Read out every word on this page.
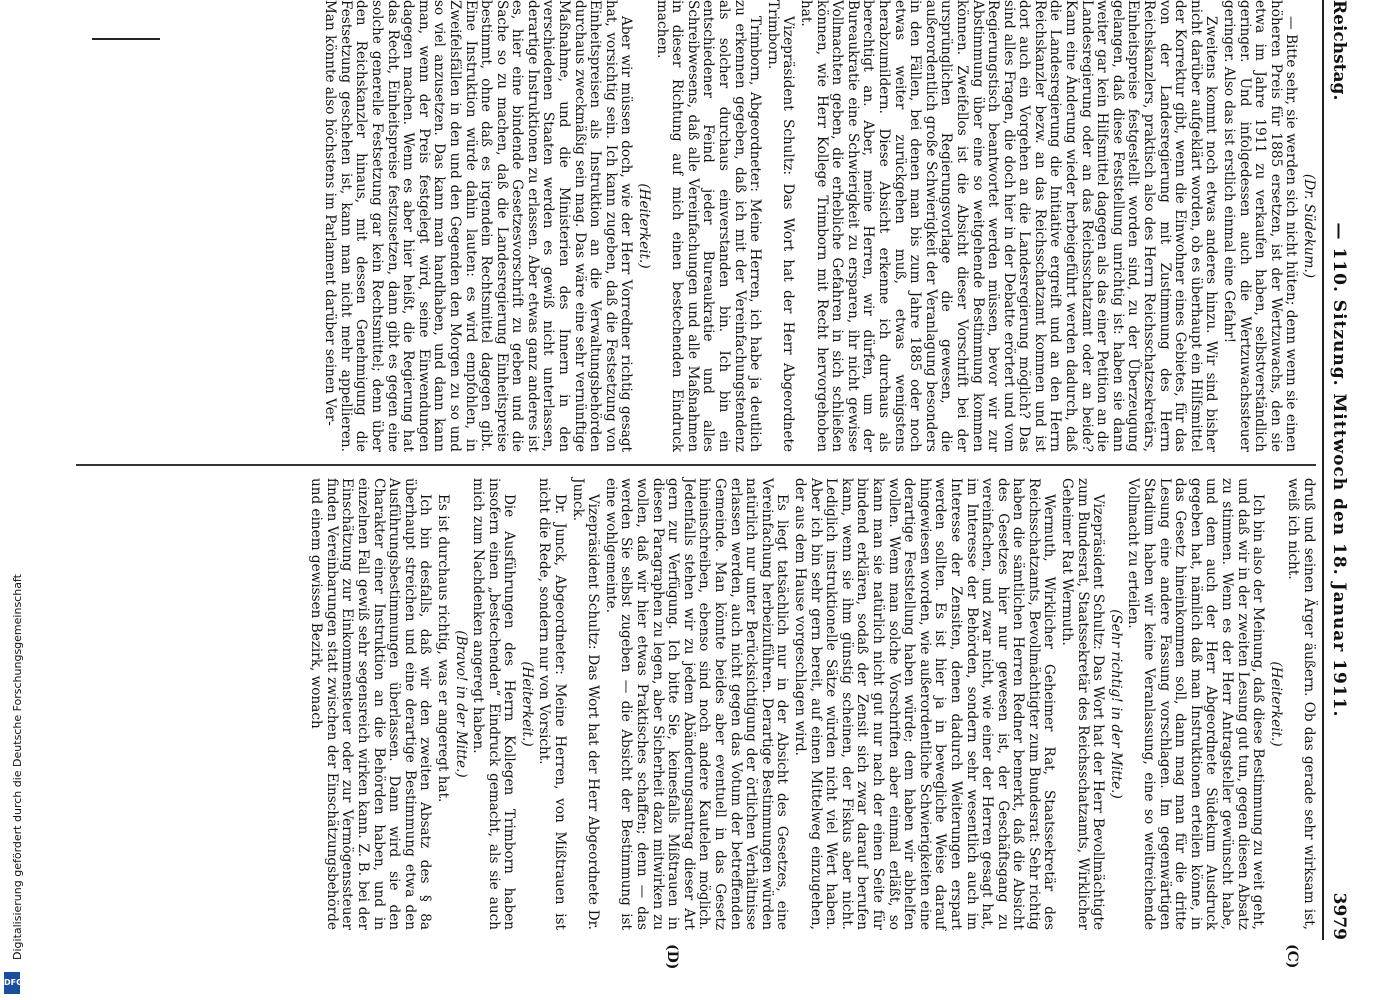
Digitalisierung gefördert durch die Deutsche Forschungsgemeinschaft
DFG
Reichstag.
— 110. Sitzung. Mittwoch den 18. Januar 1911.
3979
(C)
(D)

(Dr. Südekum.)

— Bitte sehr, sie werden sich nicht hüten; denn wenn sie einen höheren Preis für 1885 ersetzen, ist der Wertzuwachs, den sie etwa im Jahre 1911 zu verkaufen haben, selbstverständlich geringer. Und infolgedessen auch die Wertzuwachssteuer geringer. Also das ist erstlich einmal eine Gefahr!

Zweitens kommt noch etwas anderes hinzu. Wir sind bisher nicht darüber aufgeklärt worden, ob es überhaupt ein Hilfsmittel der Korrektur gibt, wenn die Einwohner eines Gebietes, für das von der Landesregierung mit Zustimmung des Herrn Reichskanzlers, praktisch also des Herrn Reichsschatzsekretärs, Einheitspreise festgestellt worden sind, zu der Überzeugung gelangen, daß diese Feststellung unrichtig ist: haben sie dann weiter gar kein Hilfsmittel dagegen als das einer Petition an die Landesregierung oder an das Reichsschatzamt oder an beide? Kann eine Änderung wieder herbeigeführt werden dadurch, daß die Landesregierung die Initiative ergreift und an den Herrn Reichskanzler bezw. an das Reichsschatzamt kommen und ist dort auch ein Vorgehen an die Landesregierung möglich? Das sind alles Fragen, die doch hier in der Debatte erörtert und vom Regierungstisch beantwortet werden müssen, bevor wir zur Abstimmung über eine so weitgehende Bestimmung kommen können. Zweifellos ist die Absicht dieser Vorschrift bei der ursprünglichen Regierungsvorlage die gewesen, die außerordentlich große Schwierigkeit der Veranlagung besonders in den Fällen, bei denen man bis zum Jahre 1885 oder noch etwas weiter zurückgehen muß, etwas wenigstens herabzumildern. Diese Absicht erkenne ich durchaus als berechtigt an. Aber, meine Herren, wir dürfen, um der Bureaukratie eine Schwierigkeit zu ersparen, ihr nicht gewisse Vollmachten geben, die erhebliche Gefahren in sich schließen können, wie Herr Kollege Trimborn mit Recht hervorgehoben hat.

Vizepräsident Schultz: Das Wort hat der Herr Abgeordnete Trimborn.

Trimborn, Abgeordneter: Meine Herren, ich habe ja deutlich zu erkennen gegeben, daß ich mit der Vereinfachungstendenz als solcher durchaus einverstanden bin. Ich bin ein entschiedener Feind jeder Bureaukratie und alles Schreibwesens, daß alle Vereinfachungen und alle Maßnahmen in dieser Richtung auf mich einen bestechenden Eindruck machen.

(Heiterkeit.)

Aber wir müssen doch, wie der Herr Vorredner richtig gesagt hat, vorsichtig sein. Ich kann zugeben, daß die Festsetzung von Einheitspreisen als Instruktion an die Verwaltungsbehörden durchaus zweckmäßig sein mag. Das wäre eine sehr vernünftige Maßnahme, und die Ministerien des Innern in den verschiedenen Staaten werden es gewiß nicht unterlassen, derartige Instruktionen zu erlassen. Aber etwas ganz anderes ist es, hier eine bindende Gesetzesvorschrift zu geben und die Sache so zu machen, daß die Landesregierung Einheitspreise bestimmt, ohne daß es irgendein Rechtsmittel dagegen gibt. Eine Instruktion würde dahin lauten: es wird empfohlen, in Zweifelsfällen in den und den Gegenden den Morgen zu so und so viel anzusetzen. Das kann man handhaben, und dann kann man, wenn der Preis festgelegt wird, seine Einwendungen dagegen machen. Wenn es aber hier heißt, die Regierung hat das Recht, Einheitspreise festzusetzen, dann gibt es gegen eine solche generelle Festsetzung gar kein Rechtsmittel; denn über den Reichskanzler hinaus, mit dessen Genehmigung die Festsetzung geschehen ist, kann man nicht mehr appellieren. Man könnte also höchstens im Parlament darüber seinen Ver-

druß und seinen Ärger äußern. Ob das gerade sehr wirksam ist, weiß ich nicht.

(Heiterkeit.)

Ich bin also der Meinung, daß diese Bestimmung zu weit geht, und daß wir in der zweiten Lesung gut tun, gegen diesen Absatz zu stimmen. Wenn es der Herr Antragsteller gewünscht habe, und dem auch der Herr Abgeordnete Südekum Ausdruck gegeben hat, nämlich daß man Instruktionen erteilen könne, in das Gesetz hineinkommen soll, dann mag man für die dritte Lesung eine andere Fassung vorschlagen. Im gegenwärtigen Stadium haben wir keine Veranlassung, eine so weitreichende Vollmacht zu erteilen.

(Sehr richtig! in der Mitte.)

Vizepräsident Schultz: Das Wort hat der Herr Bevollmächtigte zum Bundesrat, Staatssekretär des Reichsschatzamts, Wirklicher Geheimer Rat Wermuth.

Wermuth, Wirklicher Geheimer Rat, Staatssekretär des Reichsschatzamts, Bevollmächtigter zum Bundesrat: Sehr richtig haben die sämtlichen Herren Redner bemerkt, daß die Absicht des Gesetzes hier nur gewesen ist, der Geschäftsgang zu vereinfachen, und zwar nicht, wie einer der Herren gesagt hat, im Interesse der Behörden, sondern sehr wesentlich auch im Interesse der Zensiten, denen dadurch Weiterungen erspart werden sollten. Es ist hier ja in bewegliche Weise darauf hingewiesen worden, wie außerordentliche Schwierigkeiten eine derartige Feststellung haben würde; dem haben wir abhelfen wollen. Wenn man solche Vorschriften aber einmal erläßt, so kann man sie natürlich nicht gut nur nach der einen Seite für bindend erklären, sodaß der Zensit sich zwar darauf berufen kann, wenn sie ihm günstig scheinen, der Fiskus aber nicht. Lediglich instruktionelle Sätze würden nicht viel Wert haben. Aber ich bin sehr gern bereit, auf einen Mittelweg einzugehen, der aus dem Hause vorgeschlagen wird.

Es liegt tatsächlich nur in der Absicht des Gesetzes, eine Vereinfachung herbeizuführen. Derartige Bestimmungen würden natürlich nur unter Berücksichtigung der örtlichen Verhältnisse erlassen werden, auch nicht gegen das Votum der betreffenden Gemeinde. Man könnte beides aber eventuell in das Gesetz hineinschreiben, ebenso sind noch andere Kautelen möglich. Jedenfalls stehen wir zu jedem Abänderungsantrag dieser Art gern zur Verfügung. Ich bitte Sie, keinesfalls Mißtrauen in diesen Paragraphen zu legen, aber Sicherheit dazu mitwirken zu wollen, daß wir hier etwas Praktisches schaffen; denn — das werden Sie selbst zugeben — die Absicht der Bestimmung ist eine wohlgemeinte.

Vizepräsident Schultz: Das Wort hat der Herr Abgeordnete Dr. Junck.

Dr. Junck, Abgeordneter: Meine Herren, von Mißtrauen ist nicht die Rede, sondern nur von Vorsicht.

(Heiterkeit.)

Die Ausführungen des Herrn Kollegen Trimborn haben insofern einen „bestechenden“ Eindruck gemacht, als sie auch mich zum Nachdenken angeregt haben.

(Bravo! in der Mitte.)

Es ist durchaus richtig, was er angeregt hat.

Ich bin desfalls, daß wir den zweiten Absatz des § 8a überhaupt streichen und eine derartige Bestimmung etwa den Ausführungsbestimmungen überlassen. Dann wird sie den Charakter einer Instruktion an die Behörden haben, und in einzelnen Fall gewiß sehr segensreich wirken kann. Z. B. bei der Einschätzung zur Einkommensteuer oder zur Vermögenssteuer finden Vereinbarungen statt zwischen der Einschätzungsbehörde und einem gewissen Bezirk, wonach
